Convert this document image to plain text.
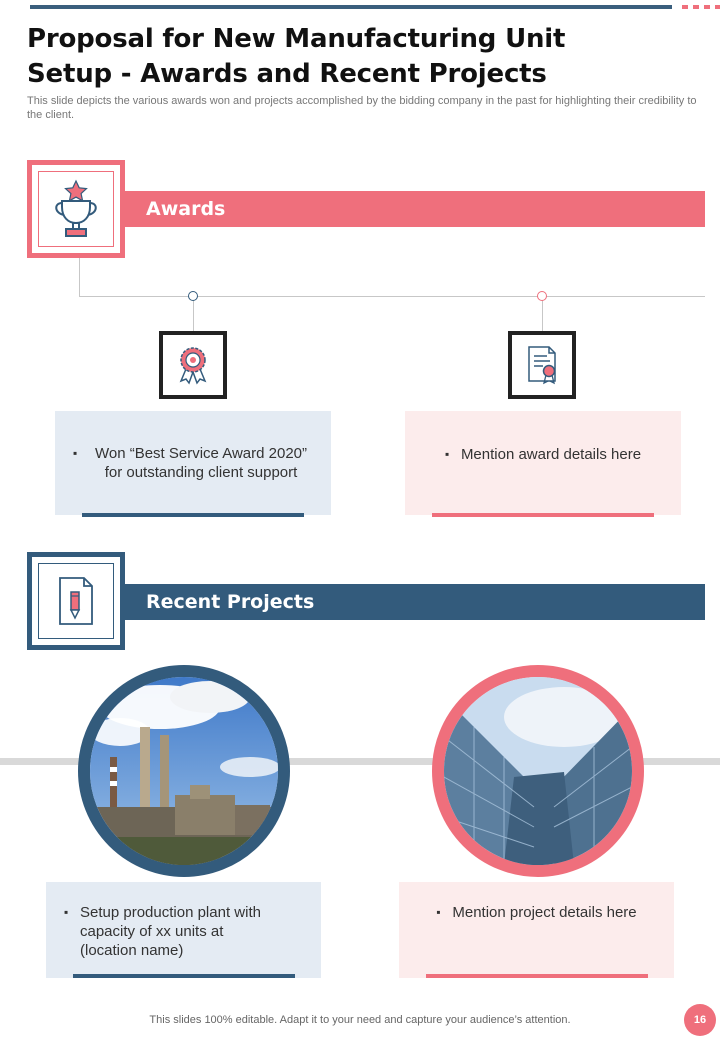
Proposal for New Manufacturing Unit
Setup - Awards and Recent Projects
This slide depicts the various awards won and projects accomplished by the bidding company in the past for highlighting their credibility to the client.
Awards
▪ Won “Best Service Award 2020” for outstanding client support
▪ Mention award details here
Recent Projects
▪ Setup production plant with capacity of xx units at (location name)
▪ Mention project details here
This slides 100% editable. Adapt it to your need and capture your audience’s attention.	16
